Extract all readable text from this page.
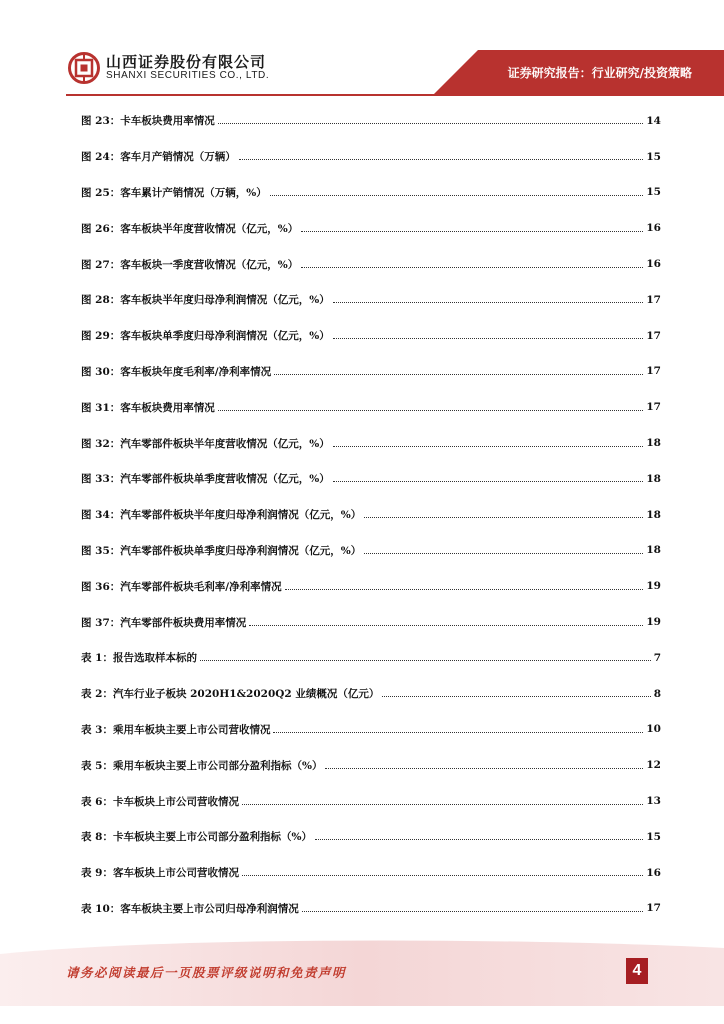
山西证券股份有限公司
SHANXI SECURITIES CO., LTD.	证券研究报告：行业研究/投资策略
图 23：卡车板块费用率情况	14
图 24：客车月产销情况（万辆）	15
图 25：客车累计产销情况（万辆，%）	15
图 26：客车板块半年度营收情况（亿元，%）	16
图 27：客车板块一季度营收情况（亿元，%）	16
图 28：客车板块半年度归母净利润情况（亿元，%）	17
图 29：客车板块单季度归母净利润情况（亿元，%）	17
图 30：客车板块年度毛利率/净利率情况	17
图 31：客车板块费用率情况	17
图 32：汽车零部件板块半年度营收情况（亿元，%）	18
图 33：汽车零部件板块单季度营收情况（亿元，%）	18
图 34：汽车零部件板块半年度归母净利润情况（亿元，%）	18
图 35：汽车零部件板块单季度归母净利润情况（亿元，%）	18
图 36：汽车零部件板块毛利率/净利率情况	19
图 37：汽车零部件板块费用率情况	19
表 1：报告选取样本标的	7
表 2：汽车行业子板块 2020H1&2020Q2 业绩概况（亿元）	8
表 3：乘用车板块主要上市公司营收情况	10
表 5：乘用车板块主要上市公司部分盈利指标（%）	12
表 6：卡车板块上市公司营收情况	13
表 8：卡车板块主要上市公司部分盈利指标（%）	15
表 9：客车板块上市公司营收情况	16
表 10：客车板块主要上市公司归母净利润情况	17
请务必阅读最后一页股票评级说明和免责声明	4
